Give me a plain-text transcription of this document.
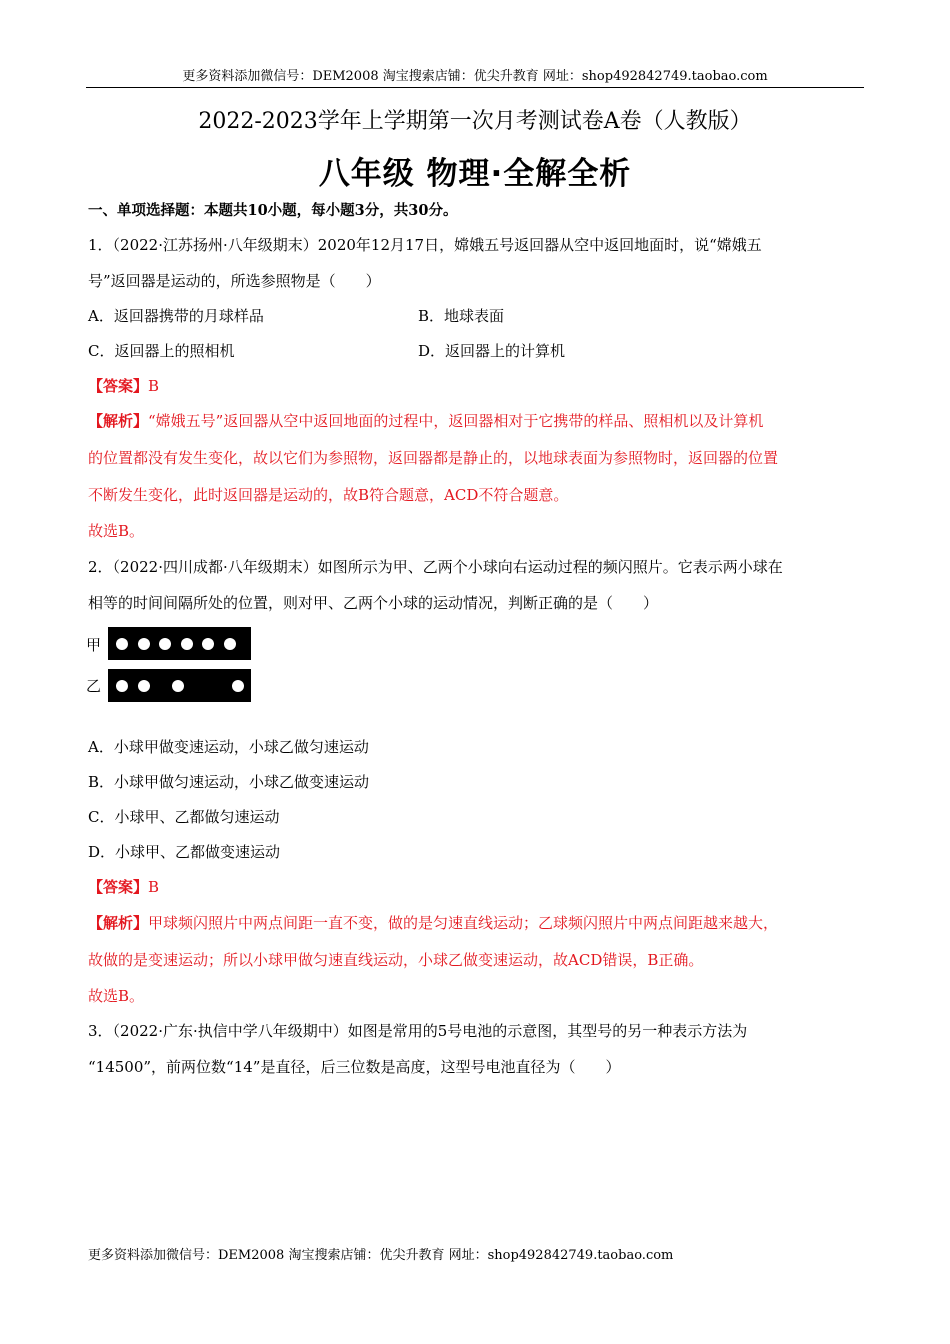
更多资料添加微信号：DEM2008 淘宝搜索店铺：优尖升教育 网址：shop492842749.taobao.com
2022-2023学年上学期第一次月考测试卷A卷（人教版）
八年级 物理·全解全析
一、单项选择题：本题共10小题，每小题3分，共30分。
1．（2022·江苏扬州·八年级期末）2020年12月17日，嫦娥五号返回器从空中返回地面时，说“嫦娥五
号”返回器是运动的，所选参照物是（　　）
A．返回器携带的月球样品	B．地球表面
C．返回器上的照相机	D．返回器上的计算机
【答案】B
【解析】“嫦娥五号”返回器从空中返回地面的过程中，返回器相对于它携带的样品、照相机以及计算机
的位置都没有发生变化，故以它们为参照物，返回器都是静止的，以地球表面为参照物时，返回器的位置
不断发生变化，此时返回器是运动的，故B符合题意，ACD不符合题意。
故选B。
2．（2022·四川成都·八年级期末）如图所示为甲、乙两个小球向右运动过程的频闪照片。它表示两小球在
相等的时间间隔所处的位置，则对甲、乙两个小球的运动情况，判断正确的是（　　）
甲
乙
A．小球甲做变速运动，小球乙做匀速运动
B．小球甲做匀速运动，小球乙做变速运动
C．小球甲、乙都做匀速运动
D．小球甲、乙都做变速运动
【答案】B
【解析】甲球频闪照片中两点间距一直不变，做的是匀速直线运动；乙球频闪照片中两点间距越来越大，
故做的是变速运动；所以小球甲做匀速直线运动，小球乙做变速运动，故ACD错误，B正确。
故选B。
3．（2022·广东·执信中学八年级期中）如图是常用的5号电池的示意图，其型号的另一种表示方法为
“14500”，前两位数“14”是直径，后三位数是高度，这型号电池直径为（　　）
更多资料添加微信号：DEM2008 淘宝搜索店铺：优尖升教育 网址：shop492842749.taobao.com
